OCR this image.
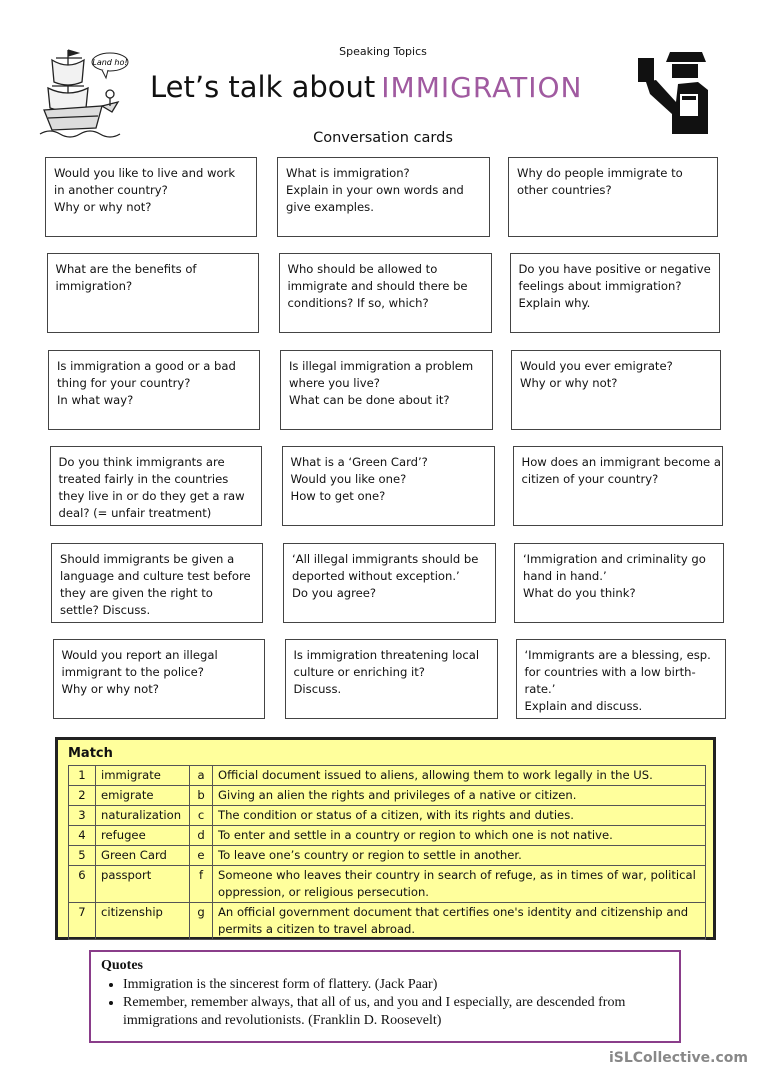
Land ho!
Speaking Topics
Let’s talk about IMMIGRATION
Conversation cards
Would you like to live and work
in another country?
Why or why not?
What is immigration?
Explain in your own words and
give examples.
Why do people immigrate to
other countries?
What are the benefits of
immigration?
Who should be allowed to
immigrate and should there be
conditions? If so, which?
Do you have positive or negative
feelings about immigration?
Explain why.
Is immigration a good or a bad
thing for your country?
In what way?
Is illegal immigration a problem
where you live?
What can be done about it?
Would you ever emigrate?
Why or why not?
Do you think immigrants are
treated fairly in the countries
they live in or do they get a raw
deal? (= unfair treatment)
What is a ‘Green Card’?
Would you like one?
How to get one?
How does an immigrant become a
citizen of your country?
Should immigrants be given a
language and culture test before
they are given the right to
settle? Discuss.
‘All illegal immigrants should be
deported without exception.’
Do you agree?
‘Immigration and criminality go
hand in hand.’
What do you think?
Would you report an illegal
immigrant to the police?
Why or why not?
Is immigration threatening local
culture or enriching it?
Discuss.
‘Immigrants are a blessing, esp.
for countries with a low birth-
rate.’
Explain and discuss.
Match
1	immigrate	a	Official document issued to aliens, allowing them to work legally in the US.
2	emigrate	b	Giving an alien the rights and privileges of a native or citizen.
3	naturalization	c	The condition or status of a citizen, with its rights and duties.
4	refugee	d	To enter and settle in a country or region to which one is not native.
5	Green Card	e	To leave one’s country or region to settle in another.
6	passport	f	Someone who leaves their country in search of refuge, as in times of war, political oppression, or religious persecution.
7	citizenship	g	An official government document that certifies one's identity and citizenship and permits a citizen to travel abroad.
Quotes
• Immigration is the sincerest form of flattery. (Jack Paar)
• Remember, remember always, that all of us, and you and I especially, are descended from immigrations and revolutionists. (Franklin D. Roosevelt)
iSLCollective.com
